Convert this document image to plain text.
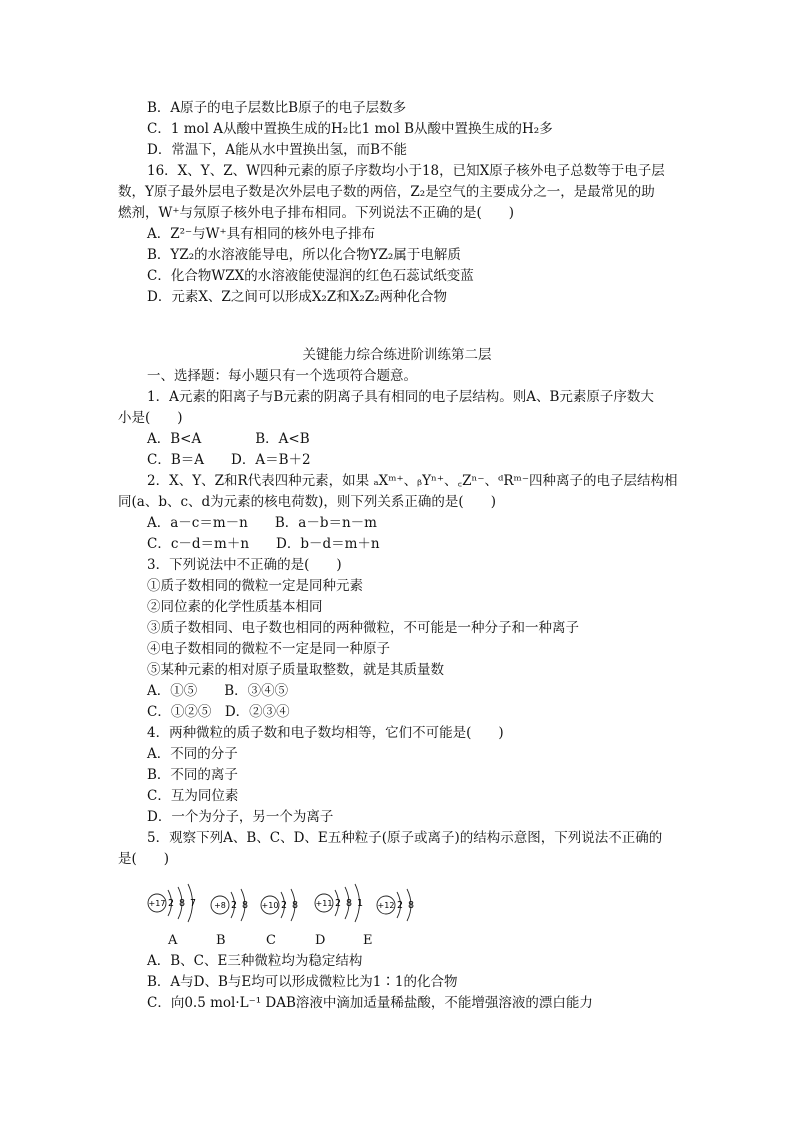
B．A原子的电子层数比B原子的电子层数多
C．1 mol A从酸中置换生成的H₂比1 mol B从酸中置换生成的H₂多
D．常温下，A能从水中置换出氢，而B不能
16．X、Y、Z、W四种元素的原子序数均小于18，已知X原子核外电子总数等于电子层
数，Y原子最外层电子数是次外层电子数的两倍，Z₂是空气的主要成分之一，是最常见的助
燃剂，W⁺与氖原子核外电子排布相同。下列说法不正确的是(　　)
A．Z²⁻与W⁺具有相同的核外电子排布
B．YZ₂的水溶液能导电，所以化合物YZ₂属于电解质
C．化合物WZX的水溶液能使湿润的红色石蕊试纸变蓝
D．元素X、Z之间可以形成X₂Z和X₂Z₂两种化合物
关键能力综合练进阶训练第二层
一、选择题：每小题只有一个选项符合题意。
1．A元素的阳离子与B元素的阴离子具有相同的电子层结构。则A、B元素原子序数大
小是(　　)
A．B<A　　　　B．A<B
C．B＝A　　D．A＝B＋2
2．X、Y、Z和R代表四种元素，如果 ₐXᵐ⁺、ᵦYⁿ⁺、꜀Zⁿ⁻、ᵈRᵐ⁻四种离子的电子层结构相
同(a、b、c、d为元素的核电荷数)，则下列关系正确的是(　　)
A．a－c＝m－n　　B．a－b＝n－m
C．c－d＝m＋n　　D．b－d＝m＋n
3．下列说法中不正确的是(　　)
①质子数相同的微粒一定是同种元素
②同位素的化学性质基本相同
③质子数相同、电子数也相同的两种微粒，不可能是一种分子和一种离子
④电子数相同的微粒不一定是同一种原子
⑤某种元素的相对原子质量取整数，就是其质量数
A．①⑤　　B．③④⑤
C．①②⑤　D．②③④
4．两种微粒的质子数和电子数均相等，它们不可能是(　　)
A．不同的分子
B．不同的离子
C．互为同位素
D．一个为分子，另一个为离子
5．观察下列A、B、C、D、E五种粒子(原子或离子)的结构示意图，下列说法不正确的
是(　　)
+17 2 8 7 +8 2 8 +10 2 8 +11 2 8 1 +12 2 8
A	B	C	D	E
A．B、C、E三种微粒均为稳定结构
B．A与D、B与E均可以形成微粒比为1∶1的化合物
C．向0.5 mol·L⁻¹ DAB溶液中滴加适量稀盐酸，不能增强溶液的漂白能力
